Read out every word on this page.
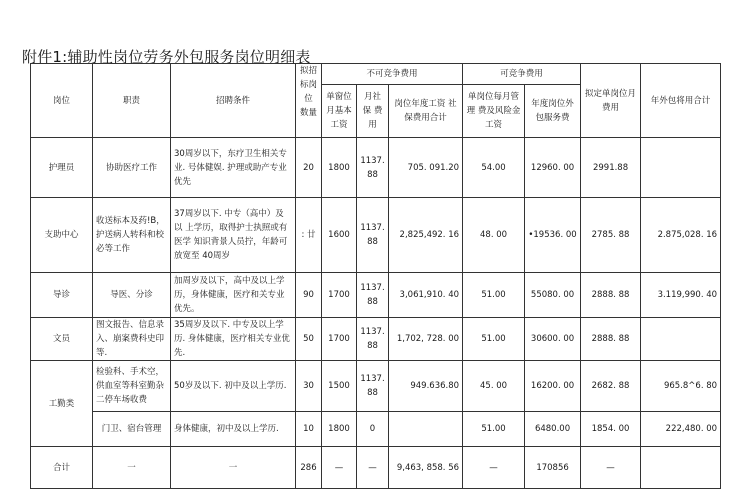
附件1:辅助性岗位劳务外包服务岗位明细表
岗位	职责	招聘条件	拟招标岗位 数量	不可竞争费用			可竞争费用		拟定单岗位月费用	年外包将用合计
				单窗位月基本工资	月社保 费用	岗位年度工资 社保费用合计	单岗位每月管理 费及风险金工资	年度岗位外包服务费		
护理员	协助医疗工作	30周岁以下，东疗卫生相关专 业. 号体健娱. 护理或助产专业 优先	20	1800	1137. 88	705. 091.20	54.00	12960. 00	2991.88	
支助中心	收送标本及药!B，护送病人转科和校必等工作	37周岁以下. 中专（高中）及以 上学历，取得护士执照或有医学 知识背景人员拧，年龄可放宽至 40周岁	: 廿	1600	1137. 88	2,825,492. 16	48. 00	•19536. 00	2785. 88	2.875,028. 16
导诊	导医、分诊	加周岁及以下，高中及以上学历，身体健康，医疗和关专业优先。	90	1700	1137.88	3,061,910. 40	51.00	55080. 00	2888. 88	3.119,990. 40
文员	图文报告、信息录入、崩案费科史印等.	35周岁及以下. 中专及以上学历. 身体健康，医疗相关专业优先.	50	1700	1137. 88	1,702, 728. 00	51.00	30600. 00	2888. 88	
工勤类	检验科、手术空，供血室等科室勤杂二停车场收费	50岁及以下. 初中及以上学历.	30	1500	1137. 88	949.636.80	45. 00	16200. 00	2682. 88	965.8^6. 80
	门卫、宿台管理	身体健康，初中及以上学历.	10	1800	0		51.00	6480.00	1854. 00	222,480. 00
合计	一	一	286	—	—	9,463, 858. 56	—	170856	—	
